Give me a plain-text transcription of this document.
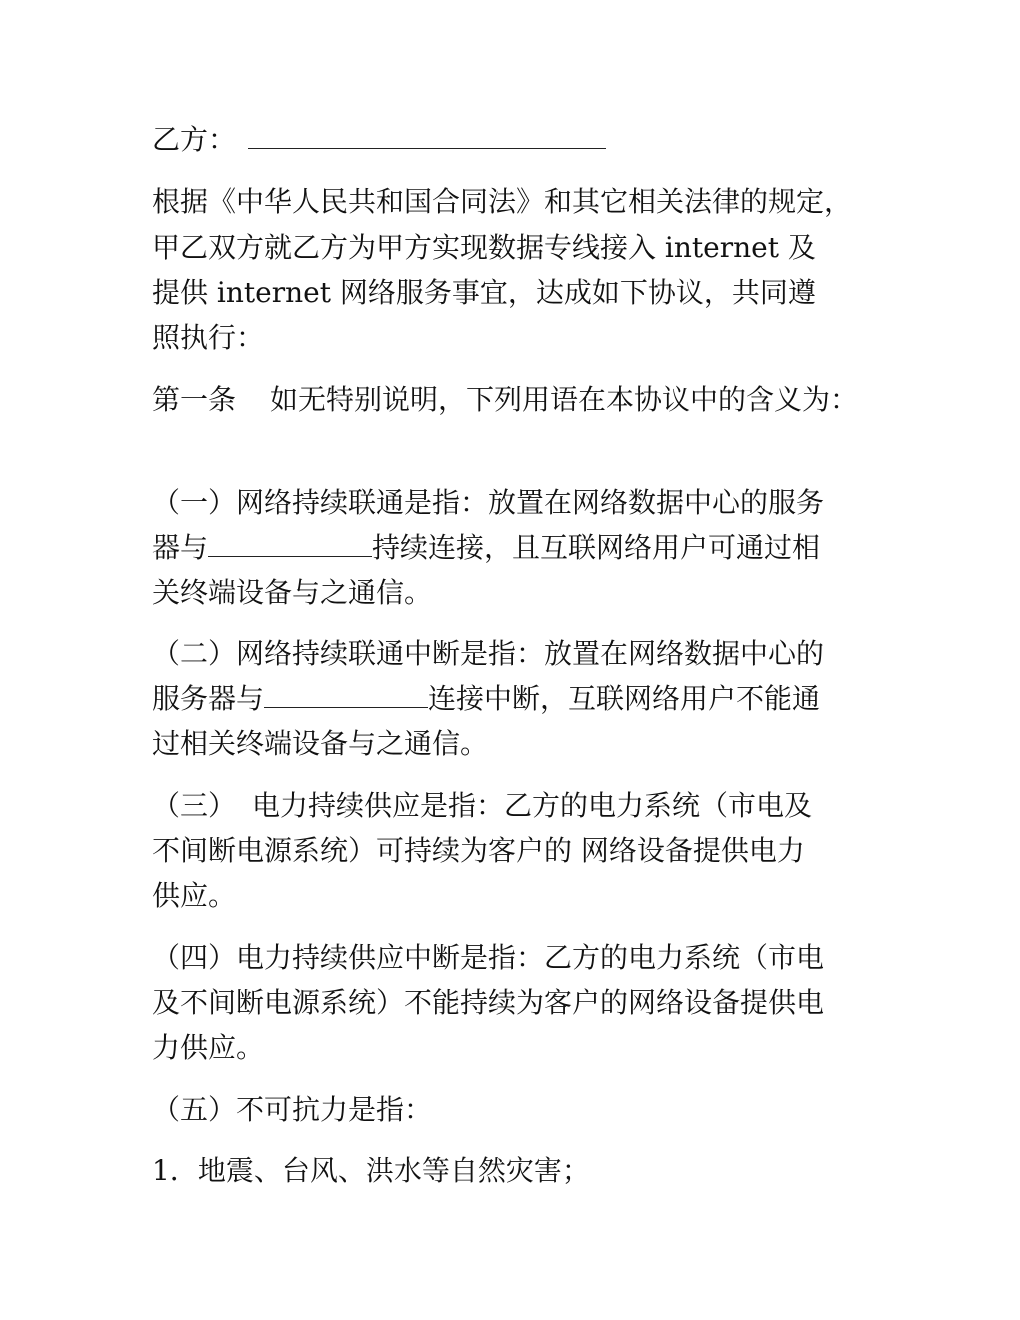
乙方：
根据《中华人民共和国合同法》和其它相关法律的规定，
甲乙双方就乙方为甲方实现数据专线接入 internet 及
提供 internet 网络服务事宜，达成如下协议，共同遵
照执行：
第一条 如无特别说明，下列用语在本协议中的含义为：
（一）网络持续联通是指：放置在网络数据中心的服务
器与	持续连接，且互联网络用户可通过相
关终端设备与之通信。
（二）网络持续联通中断是指：放置在网络数据中心的
服务器与	连接中断，互联网络用户不能通
过相关终端设备与之通信。
（三） 电力持续供应是指：乙方的电力系统（市电及
不间断电源系统）可持续为客户的 网络设备提供电力
供应。
（四）电力持续供应中断是指：乙方的电力系统（市电
及不间断电源系统）不能持续为客户的网络设备提供电
力供应。
（五）不可抗力是指：
1．地震、台风、洪水等自然灾害；
